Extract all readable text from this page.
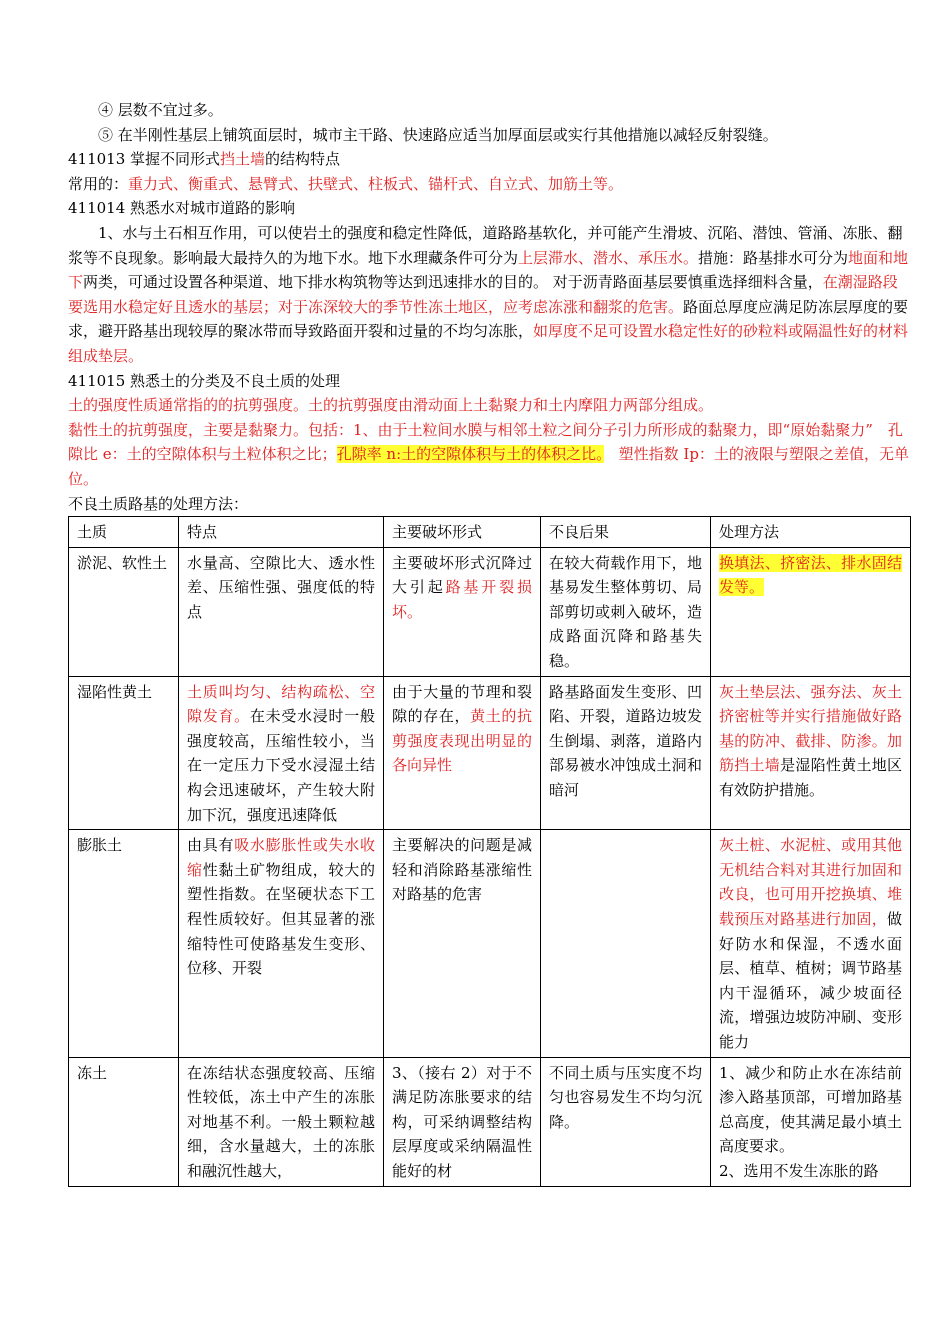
④ 层数不宜过多。

⑤ 在半刚性基层上铺筑面层时，城市主干路、快速路应适当加厚面层或实行其他措施以减轻反射裂缝。

411013 掌握不同形式挡土墙的结构特点

常用的：重力式、衡重式、悬臂式、扶壁式、柱板式、锚杆式、自立式、加筋土等。

411014 熟悉水对城市道路的影响

1、水与土石相互作用，可以使岩土的强度和稳定性降低，道路路基软化，并可能产生滑坡、沉陷、潜蚀、管涌、冻胀、翻浆等不良现象。影响最大最持久的为地下水。地下水理藏条件可分为上层滞水、潜水、承压水。措施：路基排水可分为地面和地下两类，可通过设置各种渠道、地下排水构筑物等达到迅速排水的目的。 对于沥青路面基层要慎重选择细料含量，在潮湿路段要选用水稳定好且透水的基层；对于冻深较大的季节性冻土地区，应考虑冻涨和翻浆的危害。路面总厚度应满足防冻层厚度的要求，避开路基出现较厚的聚冰带而导致路面开裂和过量的不均匀冻胀，如厚度不足可设置水稳定性好的砂粒料或隔温性好的材料组成垫层。

411015 熟悉土的分类及不良土质的处理

土的强度性质通常指的的抗剪强度。土的抗剪强度由滑动面上土黏聚力和土内摩阻力两部分组成。

黏性土的抗剪强度，主要是黏聚力。包括：1、由于土粒间水膜与相邻土粒之间分子引力所形成的黏聚力，即“原始黏聚力”　孔隙比 e：土的空隙体积与土粒体积之比；孔隙率 n:土的空隙体积与土的体积之比。　塑性指数 Ip：土的液限与塑限之差值，无单位。

不良土质路基的处理方法：

土质	特点	主要破坏形式	不良后果	处理方法
淤泥、软性土	水量高、空隙比大、透水性差、压缩性强、强度低的特点	主要破坏形式沉降过大引起路基开裂损坏。	在较大荷载作用下，地基易发生整体剪切、局部剪切或刺入破坏，造成路面沉降和路基失稳。	换填法、挤密法、排水固结发等。
湿陷性黄土	土质叫均匀、结构疏松、空隙发育。在未受水浸时一般强度较高，压缩性较小，当在一定压力下受水浸湿土结构会迅速破坏，产生较大附加下沉，强度迅速降低	由于大量的节理和裂隙的存在，黄土的抗剪强度表现出明显的各向异性	路基路面发生变形、凹陷、开裂，道路边坡发生倒塌、剥落，道路内部易被水冲蚀成土洞和暗河	灰土垫层法、强夯法、灰土挤密桩等并实行措施做好路基的防冲、截排、防渗。加筋挡土墙是湿陷性黄土地区有效防护措施。
膨胀土	由具有吸水膨胀性或失水收缩性黏土矿物组成，较大的塑性指数。在坚硬状态下工程性质较好。但其显著的涨缩特性可使路基发生变形、位移、开裂	主要解决的问题是减轻和消除路基涨缩性对路基的危害		灰土桩、水泥桩、或用其他无机结合料对其进行加固和改良，也可用开挖换填、堆载预压对路基进行加固，做好防水和保湿，不透水面层、植草、植树；调节路基内干湿循环，减少坡面径流，增强边坡防冲刷、变形能力
冻土	在冻结状态强度较高、压缩性较低，冻土中产生的冻胀对地基不利。一般土颗粒越细，含水量越大，土的冻胀和融沉性越大，	3、（接右 2）对于不满足防冻胀要求的结构，可采纳调整结构层厚度或采纳隔温性能好的材	不同土质与压实度不均匀也容易发生不均匀沉降。	1、减少和防止水在冻结前渗入路基顶部，可增加路基总高度，使其满足最小填土高度要求。
2、选用不发生冻胀的路
